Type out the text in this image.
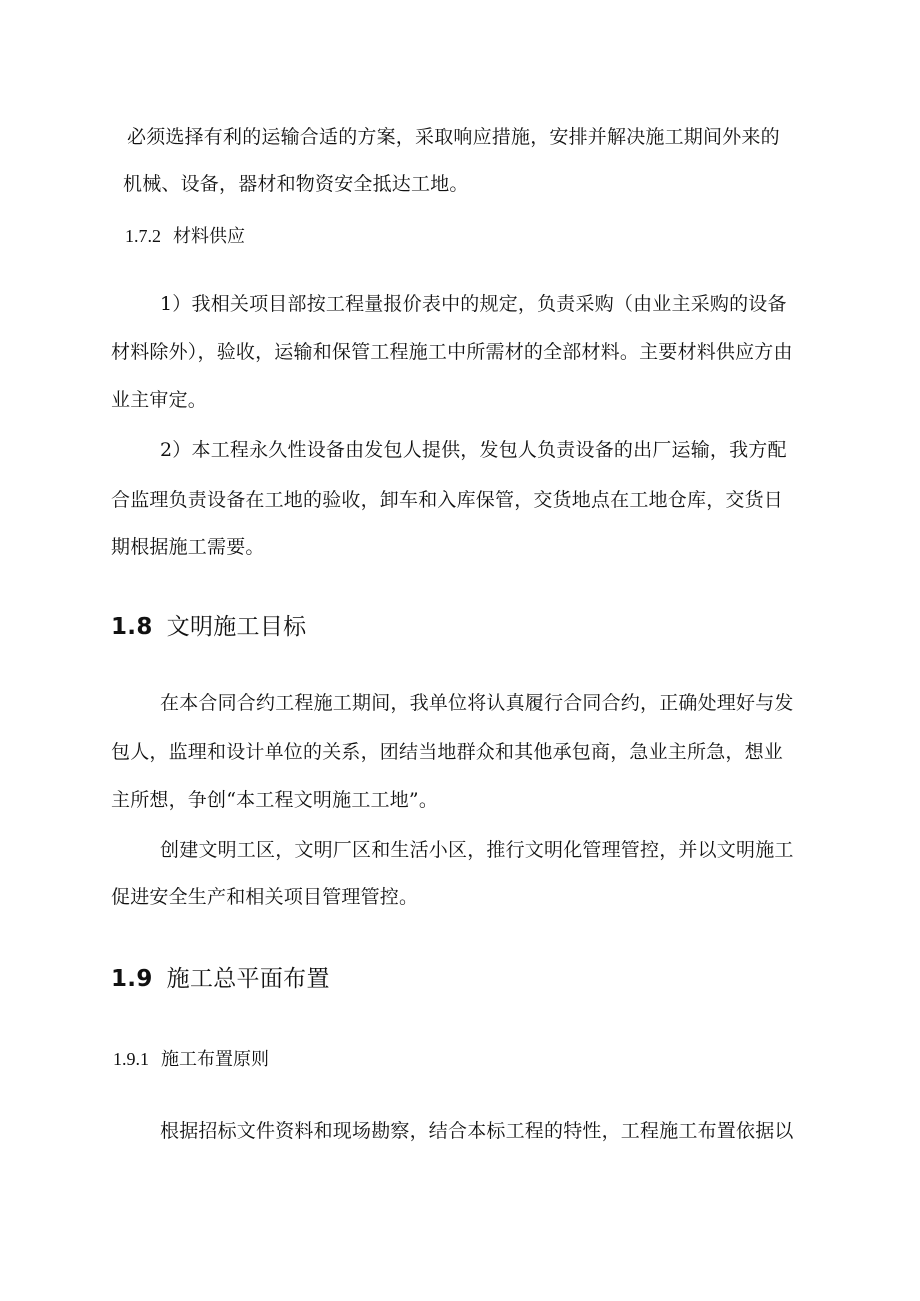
必须选择有利的运输合适的方案，采取响应措施，安排并解决施工期间外来的
机械、设备，器材和物资安全抵达工地。
1.7.2 材料供应
1）我相关项目部按工程量报价表中的规定，负责采购（由业主采购的设备
材料除外），验收，运输和保管工程施工中所需材的全部材料。主要材料供应方由
业主审定。
2）本工程永久性设备由发包人提供，发包人负责设备的出厂运输，我方配
合监理负责设备在工地的验收，卸车和入库保管，交货地点在工地仓库，交货日
期根据施工需要。
1.8 文明施工目标
在本合同合约工程施工期间，我单位将认真履行合同合约，正确处理好与发
包人，监理和设计单位的关系，团结当地群众和其他承包商，急业主所急，想业
主所想，争创“本工程文明施工工地”。
创建文明工区，文明厂区和生活小区，推行文明化管理管控，并以文明施工
促进安全生产和相关项目管理管控。
1.9 施工总平面布置
1.9.1 施工布置原则
根据招标文件资料和现场勘察，结合本标工程的特性，工程施工布置依据以
